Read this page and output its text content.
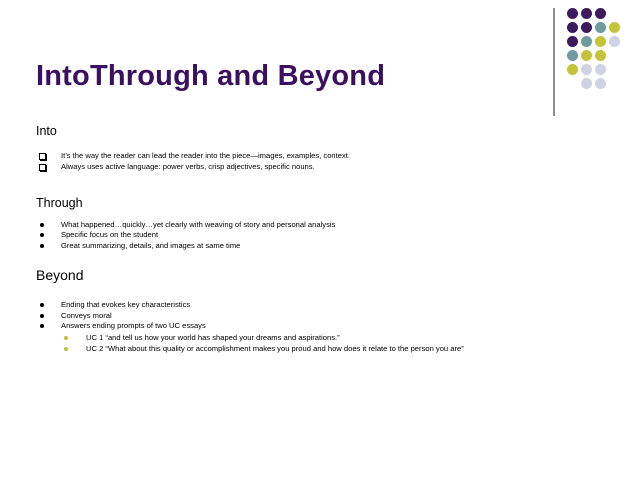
IntoThrough and Beyond
Into
It’s the way the reader can lead the reader into the piece—images, examples, context.
Always uses active language: power verbs, crisp adjectives, specific nouns.
Through
What happened…quickly…yet clearly with weaving of story and personal analysis
Specific focus on the student
Great summarizing, details, and images at same time
Beyond
Ending that evokes key characteristics
Conveys moral
Answers ending prompts of two UC essays
UC 1 “and tell us how your world has shaped your dreams and aspirations.”
UC 2 “What about this quality or accomplishment makes you proud and how does it relate to the person you are”
